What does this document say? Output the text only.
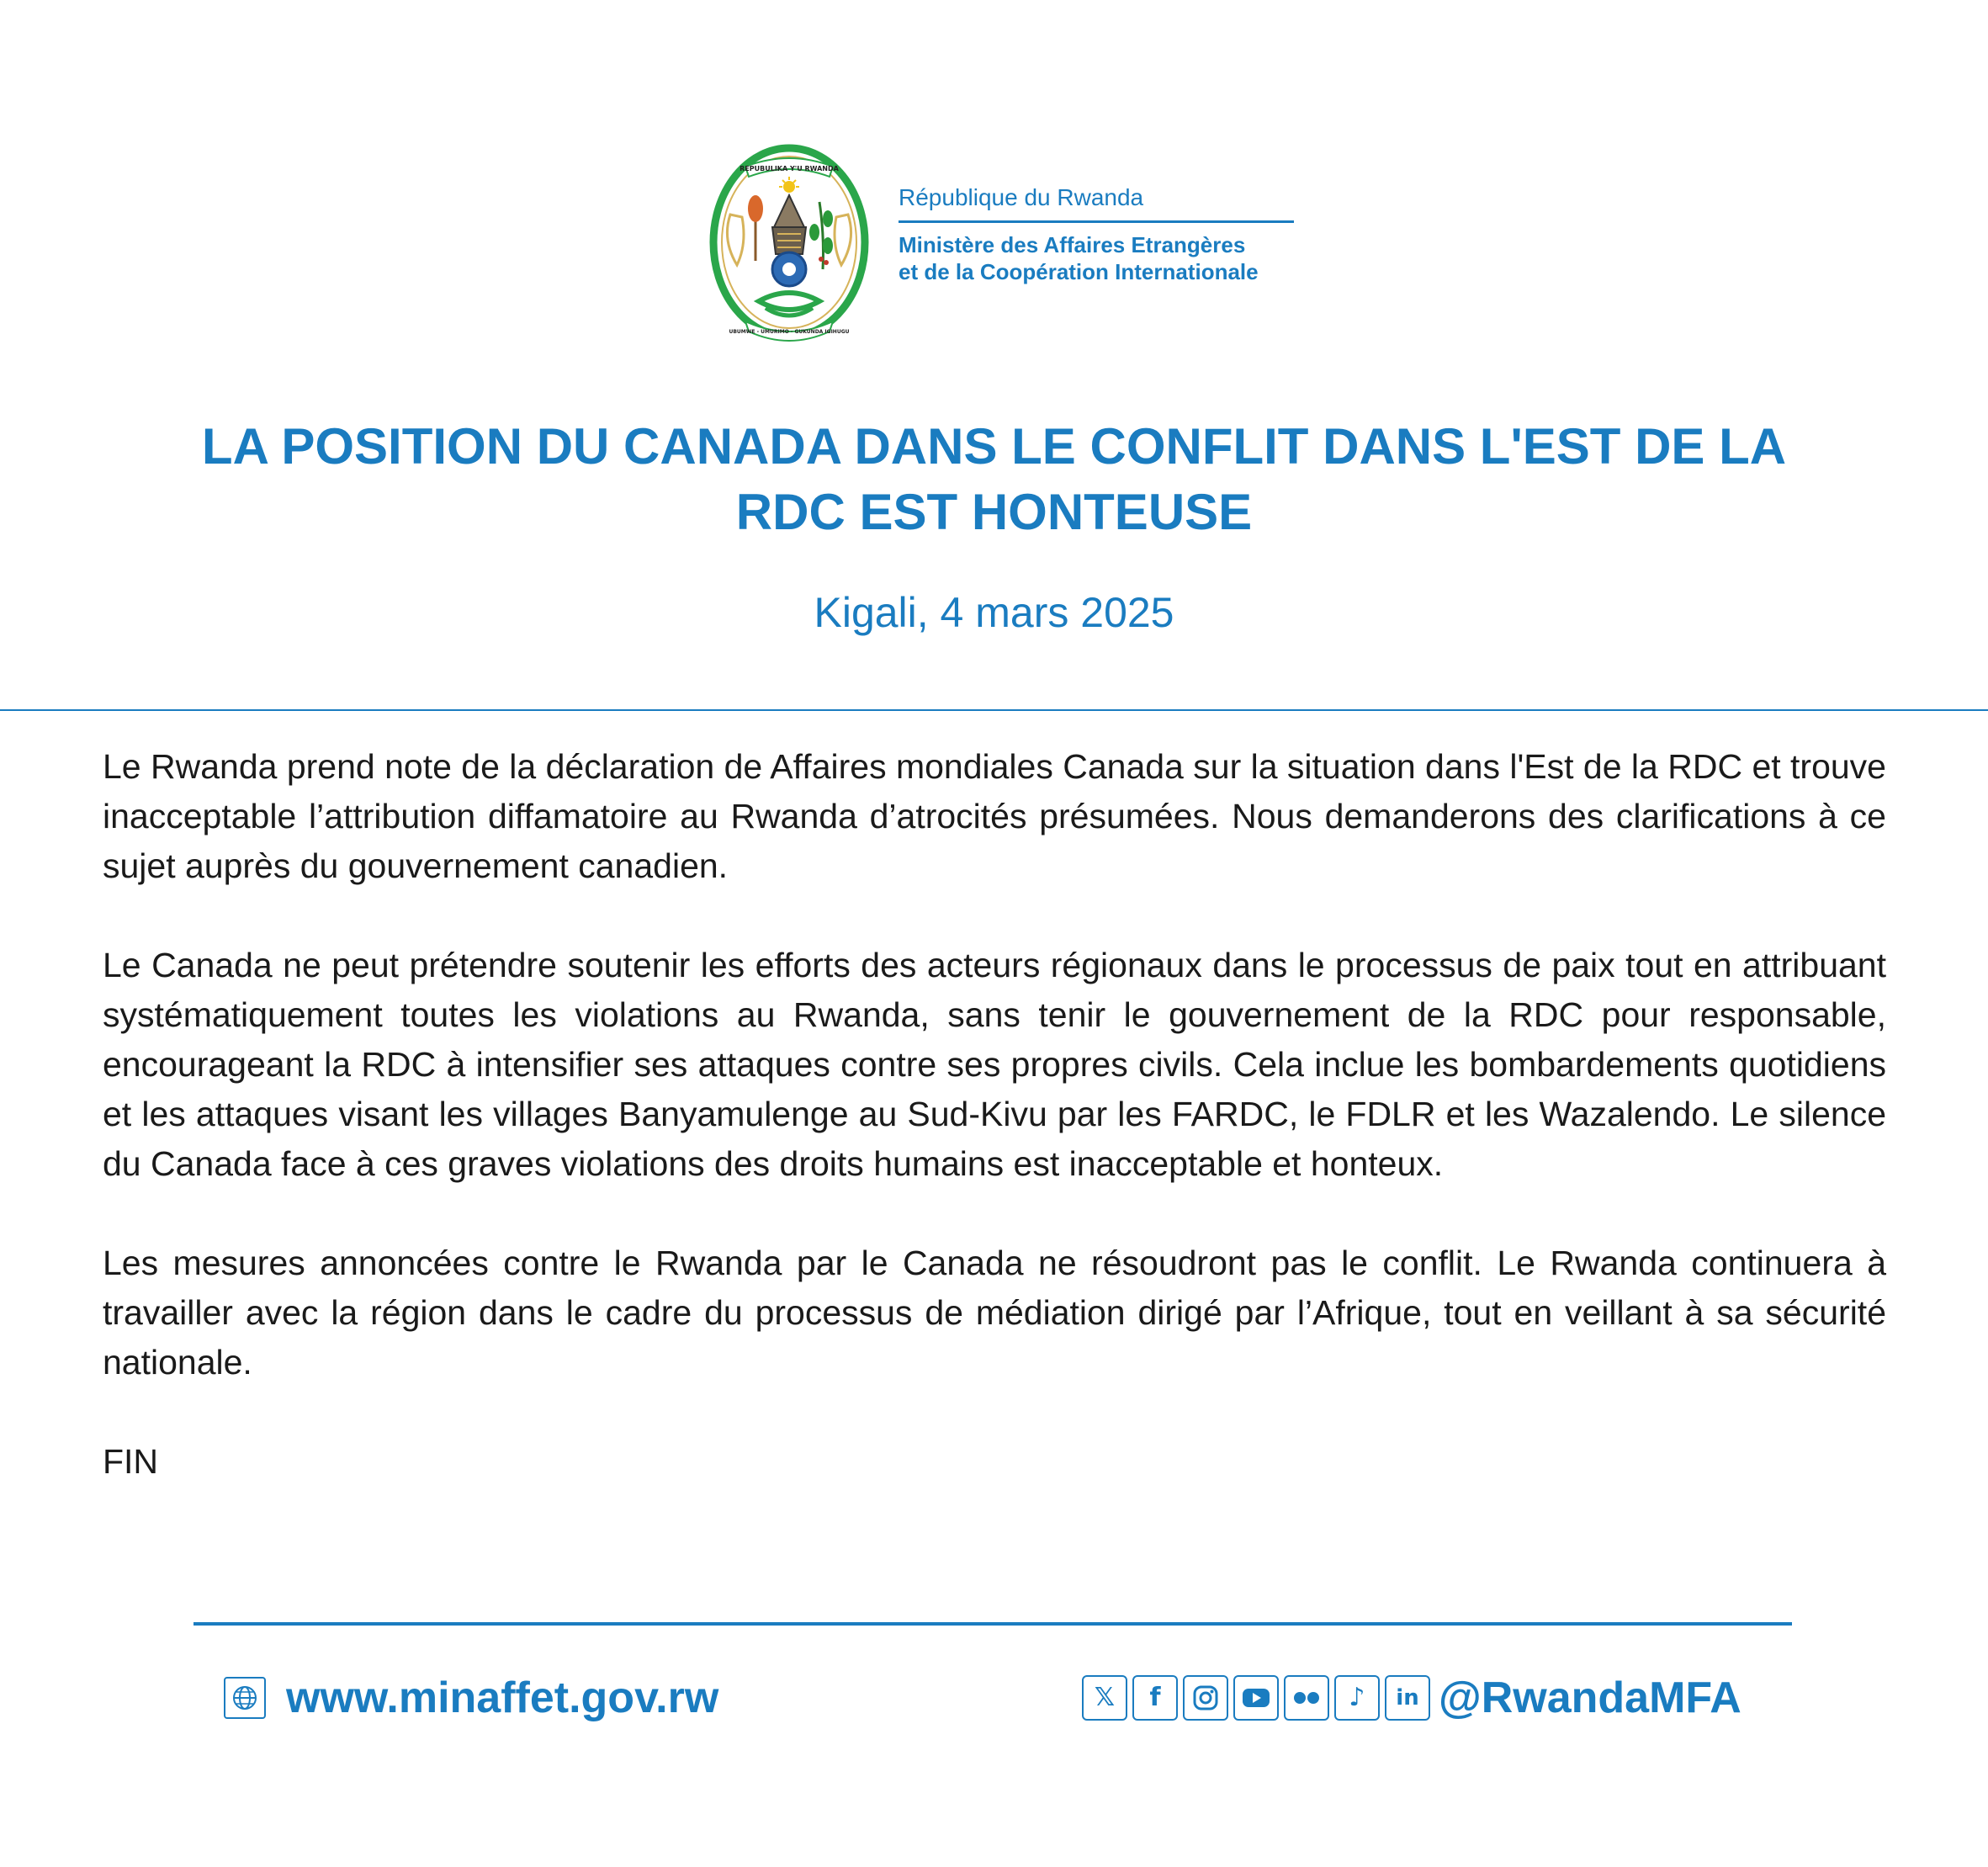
REPUBULIKA Y'U RWANDA
UBUMWE - UMURIMO - GUKUNDA IGIHUGU
République du Rwanda
Ministère des Affaires Etrangères
et de la Coopération Internationale
LA POSITION DU CANADA DANS LE CONFLIT DANS L'EST DE LA
RDC EST HONTEUSE
Kigali, 4 mars 2025

Le Rwanda prend note de la déclaration de Affaires mondiales Canada sur la situation dans l'Est de la RDC et trouve inacceptable l’attribution diffamatoire au Rwanda d’atrocités présumées. Nous demanderons des clarifications à ce sujet auprès du gouvernement canadien.

Le Canada ne peut prétendre soutenir les efforts des acteurs régionaux dans le processus de paix tout en attribuant systématiquement toutes les violations au Rwanda, sans tenir le gouvernement de la RDC pour responsable, encourageant la RDC à intensifier ses attaques contre ses propres civils. Cela inclue les bombardements quotidiens et les attaques visant les villages Banyamulenge au Sud-Kivu par les FARDC, le FDLR et les Wazalendo. Le silence du Canada face à ces graves violations des droits humains est inacceptable et honteux.

Les mesures annoncées contre le Rwanda par le Canada ne résoudront pas le conflit. Le Rwanda continuera à travailler avec la région dans le cadre du processus de médiation dirigé par l’Afrique, tout en veillant à sa sécurité nationale.

FIN

www.minaffet.gov.rw	𝕏	f	♪	in @RwandaMFA
